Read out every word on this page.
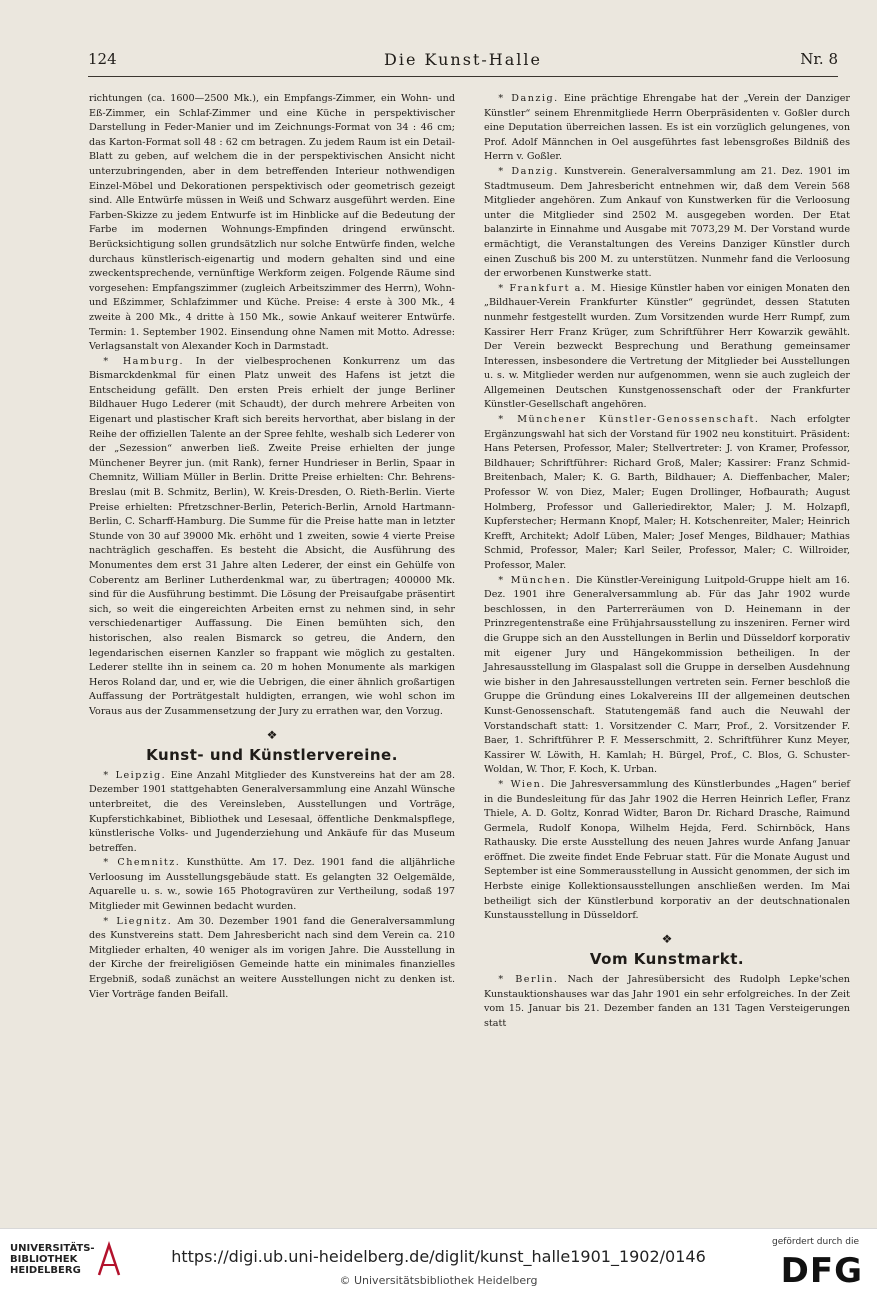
124	Die Kunst-Halle	Nr. 8

richtungen (ca. 1600—2500 Mk.), ein Empfangs-Zimmer, ein Wohn- und Eß-Zimmer, ein Schlaf-Zimmer und eine Küche in perspektivischer Darstellung in Feder-Manier und im Zeichnungs-Format von 34 : 46 cm; das Karton-Format soll 48 : 62 cm betragen. Zu jedem Raum ist ein Detail-Blatt zu geben, auf welchem die in der perspektivischen Ansicht nicht unterzubringenden, aber in dem betreffenden Interieur nothwendigen Einzel-Möbel und Dekorationen perspektivisch oder geometrisch gezeigt sind. Alle Entwürfe müssen in Weiß und Schwarz ausgeführt werden. Eine Farben-Skizze zu jedem Entwurfe ist im Hinblicke auf die Bedeutung der Farbe im modernen Wohnungs-Empfinden dringend erwünscht. Berücksichtigung sollen grundsätzlich nur solche Entwürfe finden, welche durchaus künstlerisch-eigenartig und modern gehalten sind und eine zweckentsprechende, vernünftige Werkform zeigen. Folgende Räume sind vorgesehen: Empfangszimmer (zugleich Arbeitszimmer des Herrn), Wohn- und Eßzimmer, Schlafzimmer und Küche. Preise: 4 erste à 300 Mk., 4 zweite à 200 Mk., 4 dritte à 150 Mk., sowie Ankauf weiterer Entwürfe. Termin: 1. September 1902. Einsendung ohne Namen mit Motto. Adresse: Verlagsanstalt von Alexander Koch in Darmstadt.

* Hamburg. In der vielbesprochenen Konkurrenz um das Bismarckdenkmal für einen Platz unweit des Hafens ist jetzt die Entscheidung gefällt. Den ersten Preis erhielt der junge Berliner Bildhauer Hugo Lederer (mit Schaudt), der durch mehrere Arbeiten von Eigenart und plastischer Kraft sich bereits hervorthat, aber bislang in der Reihe der offiziellen Talente an der Spree fehlte, weshalb sich Lederer von der „Sezession“ anwerben ließ. Zweite Preise erhielten der junge Münchener Beyrer jun. (mit Rank), ferner Hundrieser in Berlin, Spaar in Chemnitz, William Müller in Berlin. Dritte Preise erhielten: Chr. Behrens-Breslau (mit B. Schmitz, Berlin), W. Kreis-Dresden, O. Rieth-Berlin. Vierte Preise erhielten: Pfretzschner-Berlin, Peterich-Berlin, Arnold Hartmann-Berlin, C. Scharff-Hamburg. Die Summe für die Preise hatte man in letzter Stunde von 30 auf 39000 Mk. erhöht und 1 zweiten, sowie 4 vierte Preise nachträglich geschaffen. Es besteht die Absicht, die Ausführung des Monumentes dem erst 31 Jahre alten Lederer, der einst ein Gehülfe von Coberentz am Berliner Lutherdenkmal war, zu übertragen; 400000 Mk. sind für die Ausführung bestimmt. Die Lösung der Preisaufgabe präsentirt sich, so weit die eingereichten Arbeiten ernst zu nehmen sind, in sehr verschiedenartiger Auffassung. Die Einen bemühten sich, den historischen, also realen Bismarck so getreu, die Andern, den legendarischen eisernen Kanzler so frappant wie möglich zu gestalten. Lederer stellte ihn in seinem ca. 20 m hohen Monumente als markigen Heros Roland dar, und er, wie die Uebrigen, die einer ähnlich großartigen Auffassung der Porträtgestalt huldigten, errangen, wie wohl schon im Voraus aus der Zusammensetzung der Jury zu errathen war, den Vorzug.

❖
Kunst- und Künstlervereine.

* Leipzig. Eine Anzahl Mitglieder des Kunstvereins hat der am 28. Dezember 1901 stattgehabten Generalversammlung eine Anzahl Wünsche unterbreitet, die des Vereinsleben, Ausstellungen und Vorträge, Kupferstichkabinet, Bibliothek und Lesesaal, öffentliche Denkmalspflege, künstlerische Volks- und Jugenderziehung und Ankäufe für das Museum betreffen.

* Chemnitz. Kunsthütte. Am 17. Dez. 1901 fand die alljährliche Verloosung im Ausstellungsgebäude statt. Es gelangten 32 Oelgemälde, Aquarelle u. s. w., sowie 165 Photogravüren zur Vertheilung, sodaß 197 Mitglieder mit Gewinnen bedacht wurden.

* Liegnitz. Am 30. Dezember 1901 fand die Generalversammlung des Kunstvereins statt. Dem Jahresbericht nach sind dem Verein ca. 210 Mitglieder erhalten, 40 weniger als im vorigen Jahre. Die Ausstellung in der Kirche der freireligiösen Gemeinde hatte ein minimales finanzielles Ergebniß, sodaß zunächst an weitere Ausstellungen nicht zu denken ist. Vier Vorträge fanden Beifall.

* Danzig. Eine prächtige Ehrengabe hat der „Verein der Danziger Künstler“ seinem Ehrenmitgliede Herrn Oberpräsidenten v. Goßler durch eine Deputation überreichen lassen. Es ist ein vorzüglich gelungenes, von Prof. Adolf Männchen in Oel ausgeführtes fast lebensgroßes Bildniß des Herrn v. Goßler.

* Danzig. Kunstverein. Generalversammlung am 21. Dez. 1901 im Stadtmuseum. Dem Jahresbericht entnehmen wir, daß dem Verein 568 Mitglieder angehören. Zum Ankauf von Kunstwerken für die Verloosung unter die Mitglieder sind 2502 M. ausgegeben worden. Der Etat balanzirte in Einnahme und Ausgabe mit 7073,29 M. Der Vorstand wurde ermächtigt, die Veranstaltungen des Vereins Danziger Künstler durch einen Zuschuß bis 200 M. zu unterstützen. Nunmehr fand die Verloosung der erworbenen Kunstwerke statt.

* Frankfurt a. M. Hiesige Künstler haben vor einigen Monaten den „Bildhauer-Verein Frankfurter Künstler“ gegründet, dessen Statuten nunmehr festgestellt wurden. Zum Vorsitzenden wurde Herr Rumpf, zum Kassirer Herr Franz Krüger, zum Schriftführer Herr Kowarzik gewählt. Der Verein bezweckt Besprechung und Berathung gemeinsamer Interessen, insbesondere die Vertretung der Mitglieder bei Ausstellungen u. s. w. Mitglieder werden nur aufgenommen, wenn sie auch zugleich der Allgemeinen Deutschen Kunstgenossenschaft oder der Frankfurter Künstler-Gesellschaft angehören.

* Münchener Künstler-Genossenschaft. Nach erfolgter Ergänzungswahl hat sich der Vorstand für 1902 neu konstituirt. Präsident: Hans Petersen, Professor, Maler; Stellvertreter: J. von Kramer, Professor, Bildhauer; Schriftführer: Richard Groß, Maler; Kassirer: Franz Schmid-Breitenbach, Maler; K. G. Barth, Bildhauer; A. Dieffenbacher, Maler; Professor W. von Diez, Maler; Eugen Drollinger, Hofbaurath; August Holmberg, Professor und Galleriedirektor, Maler; J. M. Holzapfl, Kupferstecher; Hermann Knopf, Maler; H. Kotschenreiter, Maler; Heinrich Krefft, Architekt; Adolf Lüben, Maler; Josef Menges, Bildhauer; Mathias Schmid, Professor, Maler; Karl Seiler, Professor, Maler; C. Willroider, Professor, Maler.

* München. Die Künstler-Vereinigung Luitpold-Gruppe hielt am 16. Dez. 1901 ihre Generalversammlung ab. Für das Jahr 1902 wurde beschlossen, in den Parterreräumen von D. Heinemann in der Prinzregentenstraße eine Frühjahrsausstellung zu inszeniren. Ferner wird die Gruppe sich an den Ausstellungen in Berlin und Düsseldorf korporativ mit eigener Jury und Hängekommission betheiligen. In der Jahresausstellung im Glaspalast soll die Gruppe in derselben Ausdehnung wie bisher in den Jahresausstellungen vertreten sein. Ferner beschloß die Gruppe die Gründung eines Lokalvereins III der allgemeinen deutschen Kunst-Genossenschaft. Statutengemäß fand auch die Neuwahl der Vorstandschaft statt: 1. Vorsitzender C. Marr, Prof., 2. Vorsitzender F. Baer, 1. Schriftführer P. F. Messerschmitt, 2. Schriftführer Kunz Meyer, Kassirer W. Löwith, H. Kamlah; H. Bürgel, Prof., C. Blos, G. Schuster-Woldan, W. Thor, F. Koch, K. Urban.

* Wien. Die Jahresversammlung des Künstlerbundes „Hagen“ berief in die Bundesleitung für das Jahr 1902 die Herren Heinrich Lefler, Franz Thiele, A. D. Goltz, Konrad Widter, Baron Dr. Richard Drasche, Raimund Germela, Rudolf Konopa, Wilhelm Hejda, Ferd. Schirnböck, Hans Rathausky. Die erste Ausstellung des neuen Jahres wurde Anfang Januar eröffnet. Die zweite findet Ende Februar statt. Für die Monate August und September ist eine Sommerausstellung in Aussicht genommen, der sich im Herbste einige Kollektionsausstellungen anschließen werden. Im Mai betheiligt sich der Künstlerbund korporativ an der deutschnationalen Kunstausstellung in Düsseldorf.

❖
Vom Kunstmarkt.

* Berlin. Nach der Jahresübersicht des Rudolph Lepke'schen Kunstauktionshauses war das Jahr 1901 ein sehr erfolgreiches. In der Zeit vom 15. Januar bis 21. Dezember fanden an 131 Tagen Versteigerungen statt

UNIVERSITÄTS-BIBLIOTHEK HEIDELBERG
https://digi.ub.uni-heidelberg.de/diglit/kunst_halle1901_1902/0146
© Universitätsbibliothek Heidelberg
gefördert durch die
DFG
